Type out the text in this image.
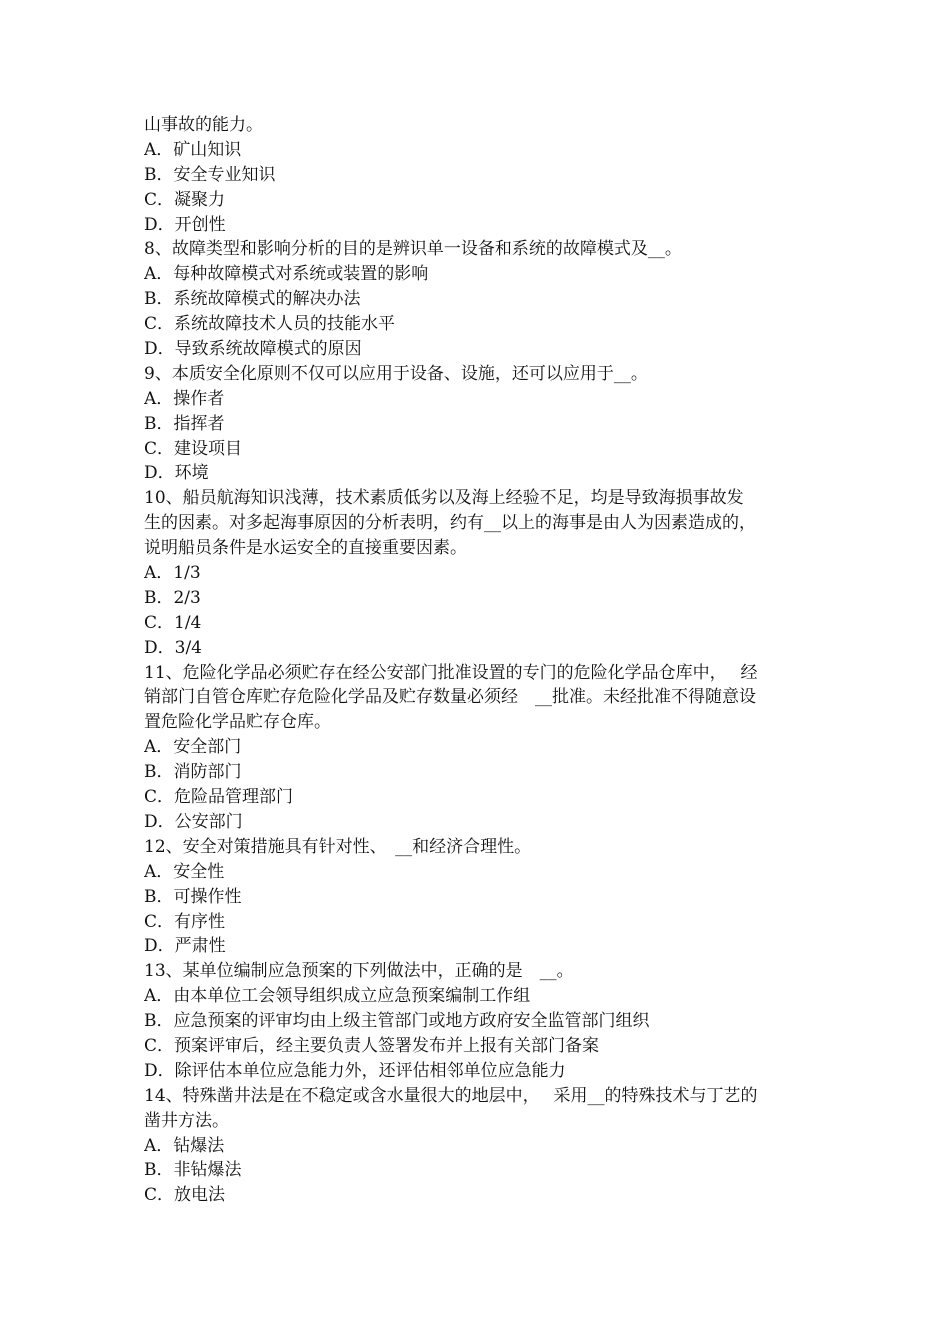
山事故的能力。
A．矿山知识
B．安全专业知识
C．凝聚力
D．开创性
8、故障类型和影响分析的目的是辨识单一设备和系统的故障模式及__。
A．每种故障模式对系统或装置的影响
B．系统故障模式的解决办法
C．系统故障技术人员的技能水平
D．导致系统故障模式的原因
9、本质安全化原则不仅可以应用于设备、设施，还可以应用于__。
A．操作者
B．指挥者
C．建设项目
D．环境
10、船员航海知识浅薄，技术素质低劣以及海上经验不足，均是导致海损事故发
生的因素。对多起海事原因的分析表明，约有__以上的海事是由人为因素造成的，
说明船员条件是水运安全的直接重要因素。
A．1/3
B．2/3
C．1/4
D．3/4
11、危险化学品必须贮存在经公安部门批准设置的专门的危险化学品仓库中，　 经
销部门自管仓库贮存危险化学品及贮存数量必须经　__批准。未经批准不得随意设
置危险化学品贮存仓库。
A．安全部门
B．消防部门
C．危险品管理部门
D．公安部门
12、安全对策措施具有针对性、　__和经济合理性。
A．安全性
B．可操作性
C．有序性
D．严肃性
13、某单位编制应急预案的下列做法中，正确的是　__。
A．由本单位工会领导组织成立应急预案编制工作组
B．应急预案的评审均由上级主管部门或地方政府安全监管部门组织
C．预案评审后，经主要负责人签署发布并上报有关部门备案
D．除评估本单位应急能力外，还评估相邻单位应急能力
14、特殊凿井法是在不稳定或含水量很大的地层中，　 采用__的特殊技术与丁艺的
凿井方法。
A．钻爆法
B．非钻爆法
C．放电法
